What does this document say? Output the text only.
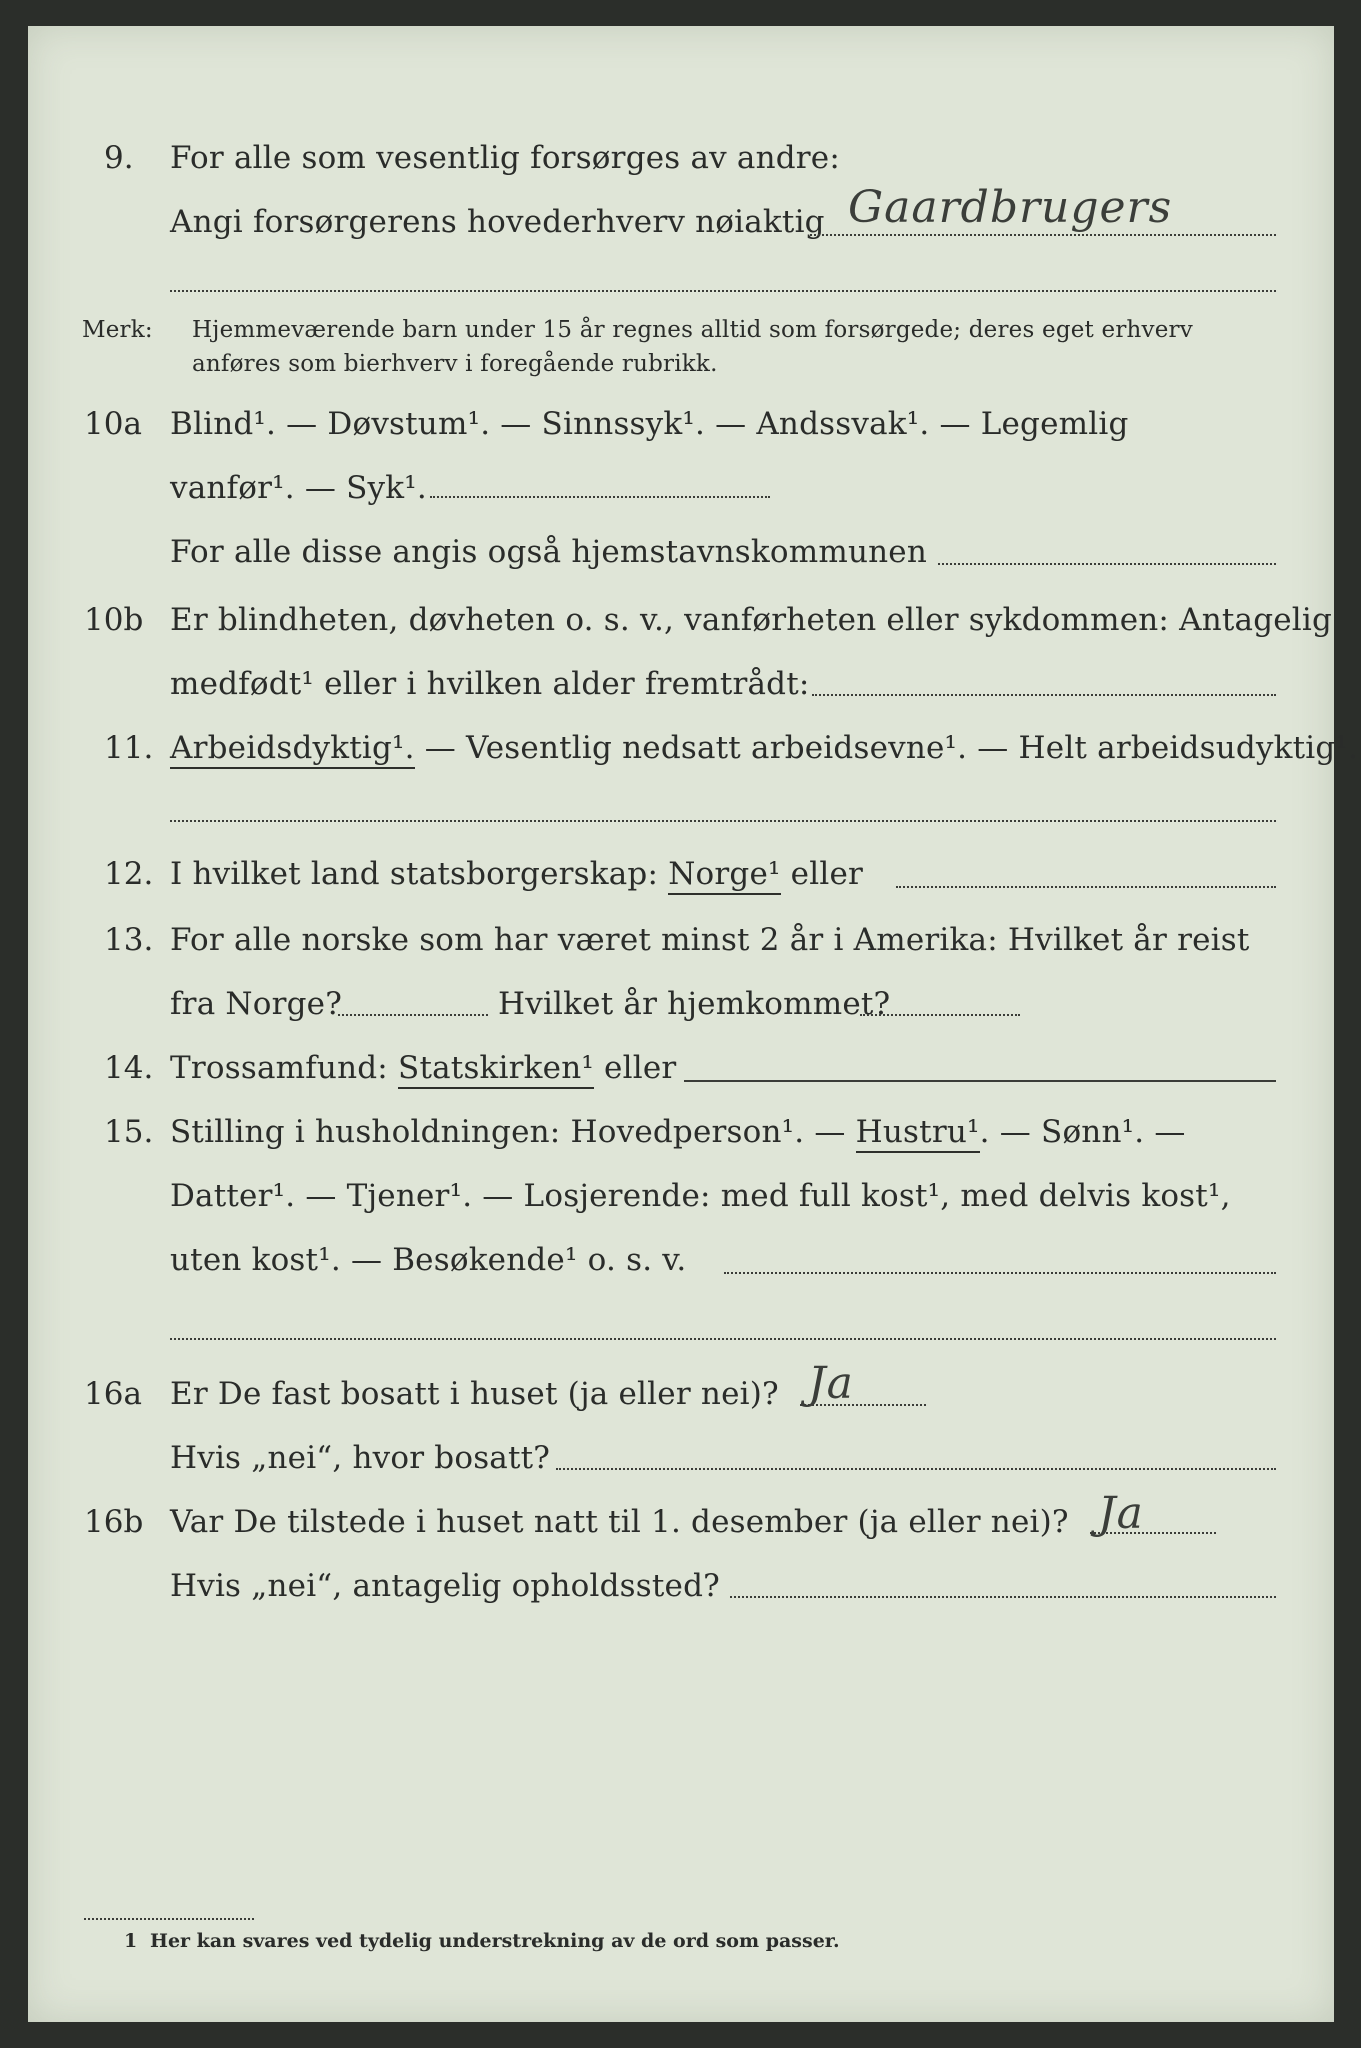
9. For alle som vesentlig forsørges av andre:
Angi forsørgerens hovederhverv nøiaktig Gaardbrugers
Merk: Hjemmeværende barn under 15 år regnes alltid som forsørgede; deres eget erhverv
anføres som bierhverv i foregående rubrikk.
10a Blind¹. — Døvstum¹. — Sinnssyk¹. — Andssvak¹. — Legemlig
vanfør¹. — Syk¹.
For alle disse angis også hjemstavnskommunen
10b Er blindheten, døvheten o. s. v., vanførheten eller sykdommen: Antagelig
medfødt¹ eller i hvilken alder fremtrådt:
11. Arbeidsdyktig¹. — Vesentlig nedsatt arbeidsevne¹. — Helt arbeidsudyktig¹.
12. I hvilket land statsborgerskap: Norge¹ eller
13. For alle norske som har været minst 2 år i Amerika: Hvilket år reist
fra Norge?	Hvilket år hjemkommet?
14. Trossamfund: Statskirken¹ eller
15. Stilling i husholdningen: Hovedperson¹. — Hustru¹. — Sønn¹. —
Datter¹. — Tjener¹. — Losjerende: med full kost¹, med delvis kost¹,
uten kost¹. — Besøkende¹ o. s. v.
16a Er De fast bosatt i huset (ja eller nei)? Ja
Hvis „nei“, hvor bosatt?
16b Var De tilstede i huset natt til 1. desember (ja eller nei)? Ja
Hvis „nei“, antagelig opholdssted?
1 Her kan svares ved tydelig understrekning av de ord som passer.
